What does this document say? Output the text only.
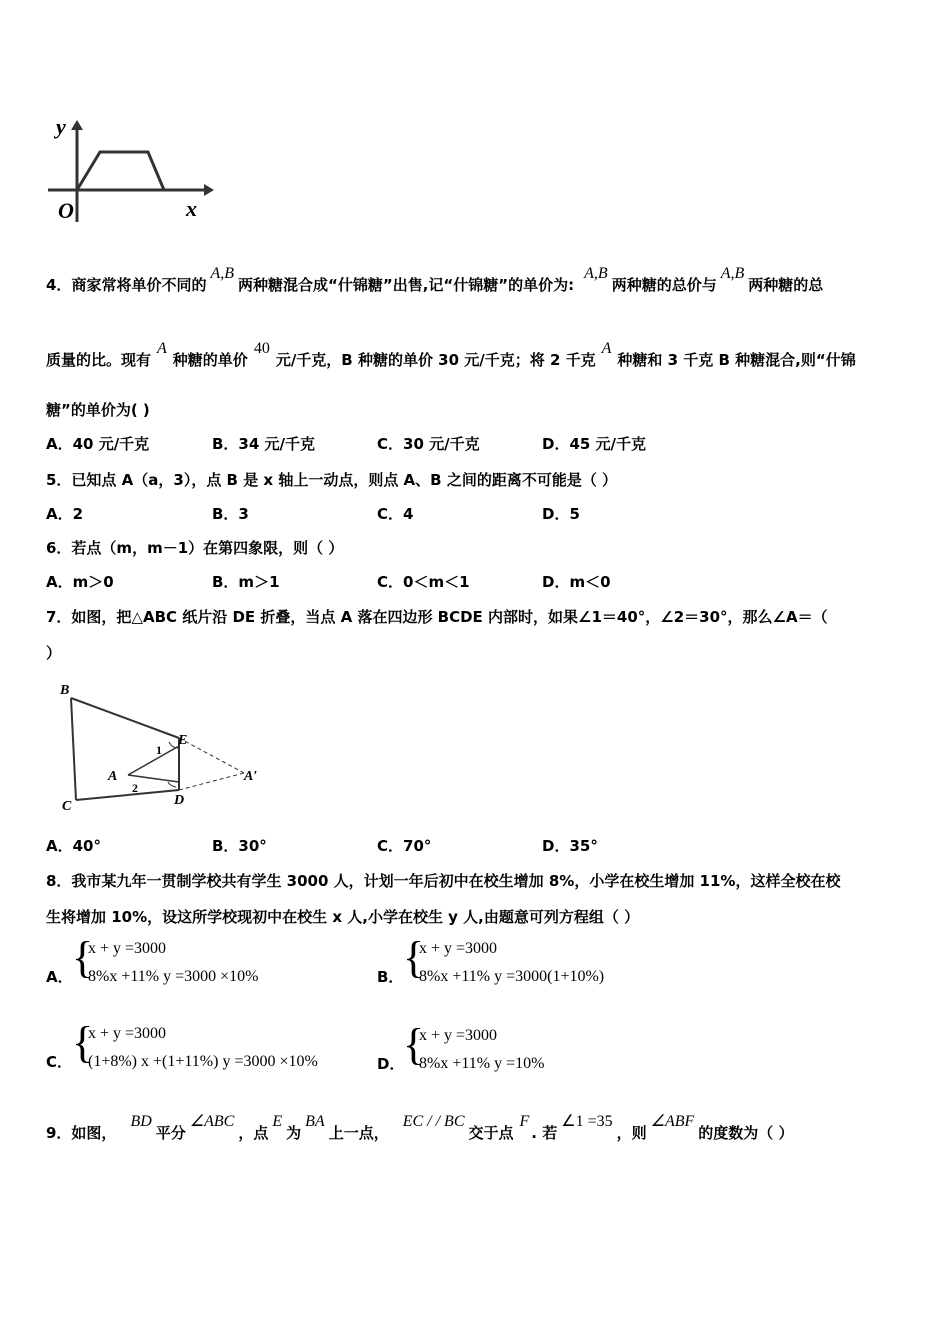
y
x
O
4．商家常将单价不同的A,B两种糖混合成“什锦糖”出售,记“什锦糖”的单价为:A,B两种糖的总价与A,B两种糖的总
质量的比。现有A种糖的单价40元/千克，B 种糖的单价 30 元/千克；将 2 千克A种糖和 3 千克 B 种糖混合,则“什锦
糖”的单价为( )
A．40 元/千克	B．34 元/千克	C．30 元/千克	D．45 元/千克
5．已知点 A（a，3），点 B 是 x 轴上一动点，则点 A、B 之间的距离不可能是（ ）
A．2	B．3	C．4	D．5
6．若点（m，m－1）在第四象限，则（ ）
A．m＞0	B．m＞1	C．0＜m＜1	D．m＜0
7．如图，把△ABC 纸片沿 DE 折叠，当点 A 落在四边形 BCDE 内部时，如果∠1＝40°，∠2＝30°，那么∠A＝（
）
B
C
E
D
A	A′
1
2
A．40°	B．30°	C．70°	D．35°
8．我市某九年一贯制学校共有学生 3000 人，计划一年后初中在校生增加 8%，小学在校生增加 11%，这样全校在校
生将增加 10%，设这所学校现初中在校生 x 人,小学在校生 y 人,由题意可列方程组（ ）
A． {
x + y =3000
8%x +11% y =3000 ×10%	B． {
x + y =3000
8%x +11% y =3000(1+10%)
C． {
x + y =3000
(1+8%) x +(1+11%) y =3000 ×10%	D．
{
x + y =3000
8%x +11% y =10%
9．如图，BD平分∠ABC，点E为BA上一点，EC / / BC交于点F. 若∠1 =35，则∠ABF的度数为（ ）
